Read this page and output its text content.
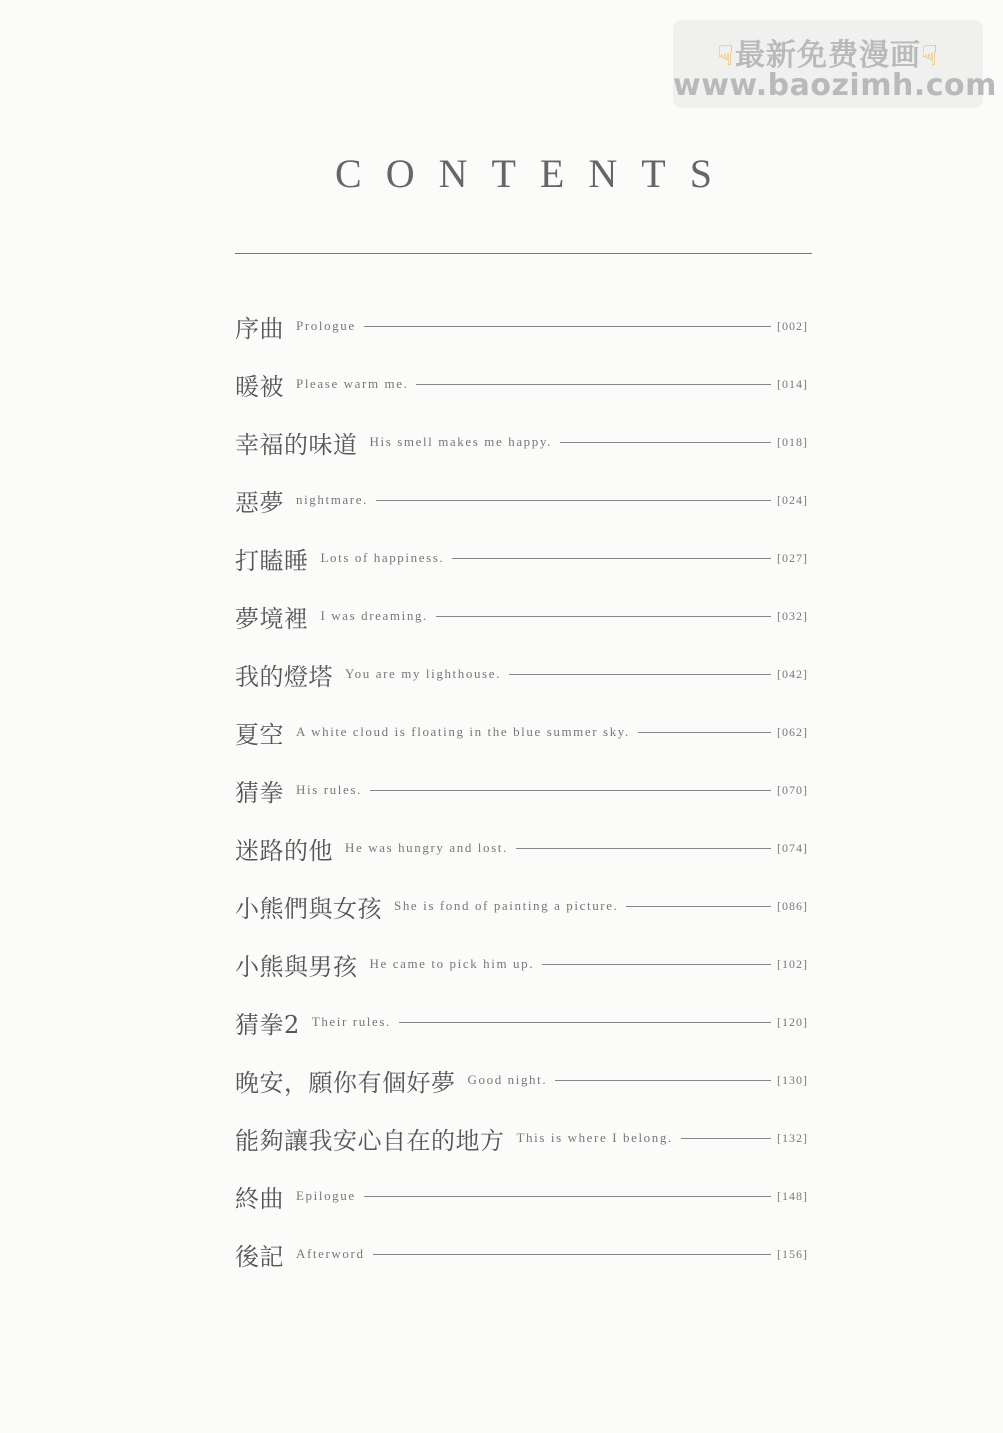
☟最新免费漫画☟
www.baozimh.com
CONTENTS
序曲 Prologue	[002]
暖被 Please warm me.	[014]
幸福的味道 His smell makes me happy.	[018]
惡夢 nightmare.	[024]
打瞌睡 Lots of happiness.	[027]
夢境裡 I was dreaming.	[032]
我的燈塔 You are my lighthouse.	[042]
夏空 A white cloud is floating in the blue summer sky.	[062]
猜拳 His rules.	[070]
迷路的他 He was hungry and lost.	[074]
小熊們與女孩 She is fond of painting a picture.	[086]
小熊與男孩 He came to pick him up.	[102]
猜拳2 Their rules.	[120]
晚安，願你有個好夢 Good night.	[130]
能夠讓我安心自在的地方 This is where I belong.	[132]
終曲 Epilogue	[148]
後記 Afterword	[156]
